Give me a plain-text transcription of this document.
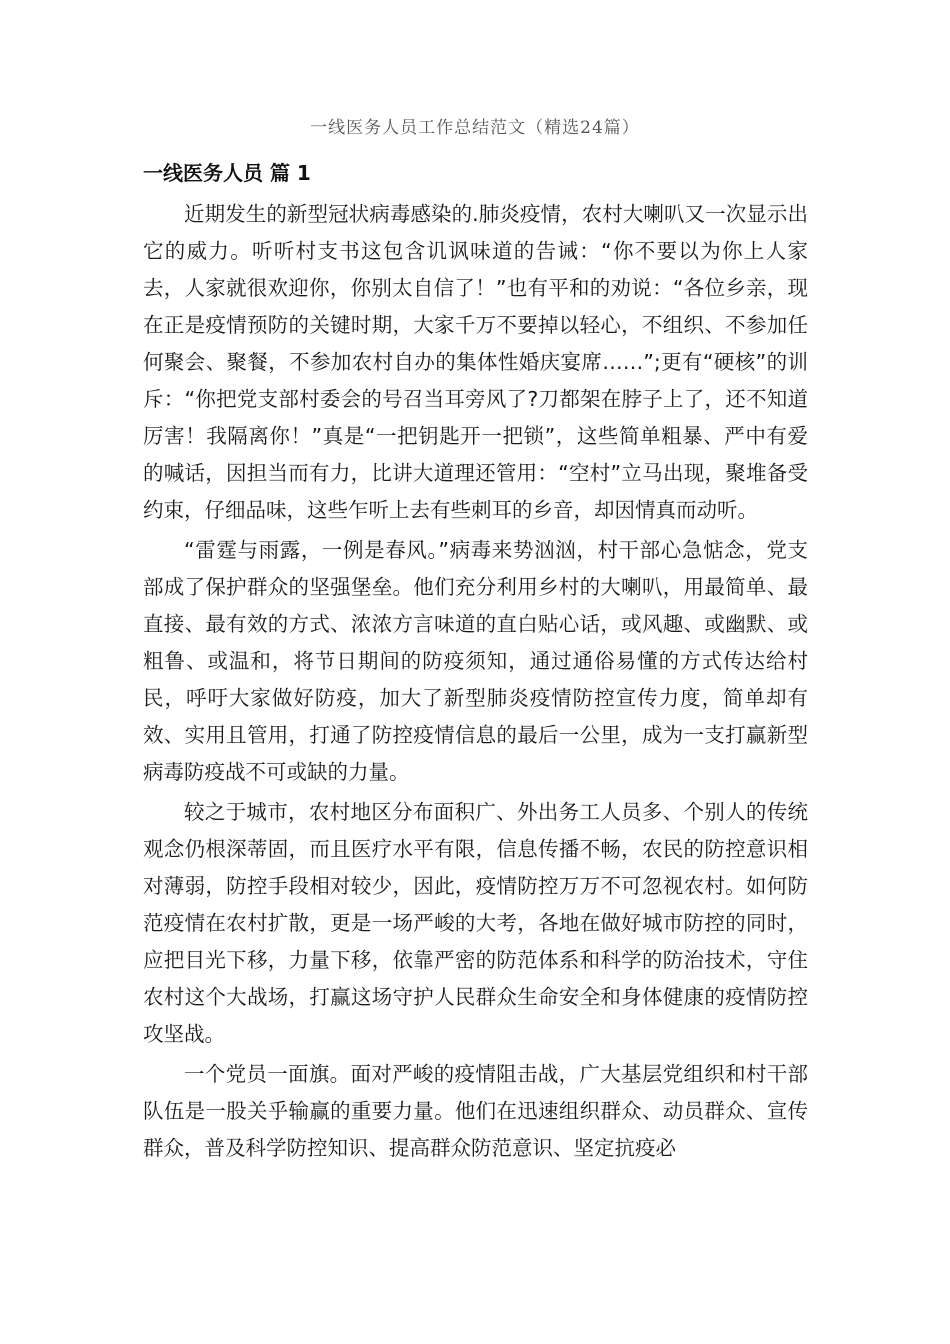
一线医务人员工作总结范文（精选24篇）
一线医务人员 篇 1

近期发生的新型冠状病毒感染的.肺炎疫情，农村大喇叭又一次显示出它的威力。听听村支书这包含讥讽味道的告诫：“你不要以为你上人家去，人家就很欢迎你，你别太自信了！”也有平和的劝说：“各位乡亲，现在正是疫情预防的关键时期，大家千万不要掉以轻心，不组织、不参加任何聚会、聚餐，不参加农村自办的集体性婚庆宴席……”;更有“硬核”的训斥：“你把党支部村委会的号召当耳旁风了?刀都架在脖子上了，还不知道厉害！我隔离你！”真是“一把钥匙开一把锁”，这些简单粗暴、严中有爱的喊话，因担当而有力，比讲大道理还管用：“空村”立马出现，聚堆备受约束，仔细品味，这些乍听上去有些刺耳的乡音，却因情真而动听。

“雷霆与雨露，一例是春风。”病毒来势汹汹，村干部心急惦念，党支部成了保护群众的坚强堡垒。他们充分利用乡村的大喇叭，用最简单、最直接、最有效的方式、浓浓方言味道的直白贴心话，或风趣、或幽默、或粗鲁、或温和，将节日期间的防疫须知，通过通俗易懂的方式传达给村民，呼吁大家做好防疫，加大了新型肺炎疫情防控宣传力度，简单却有效、实用且管用，打通了防控疫情信息的最后一公里，成为一支打赢新型病毒防疫战不可或缺的力量。

较之于城市，农村地区分布面积广、外出务工人员多、个别人的传统观念仍根深蒂固，而且医疗水平有限，信息传播不畅，农民的防控意识相对薄弱，防控手段相对较少，因此，疫情防控万万不可忽视农村。如何防范疫情在农村扩散，更是一场严峻的大考，各地在做好城市防控的同时，应把目光下移，力量下移，依靠严密的防范体系和科学的防治技术，守住农村这个大战场，打赢这场守护人民群众生命安全和身体健康的疫情防控攻坚战。

一个党员一面旗。面对严峻的疫情阻击战，广大基层党组织和村干部队伍是一股关乎输赢的重要力量。他们在迅速组织群众、动员群众、宣传群众，普及科学防控知识、提高群众防范意识、坚定抗疫必
